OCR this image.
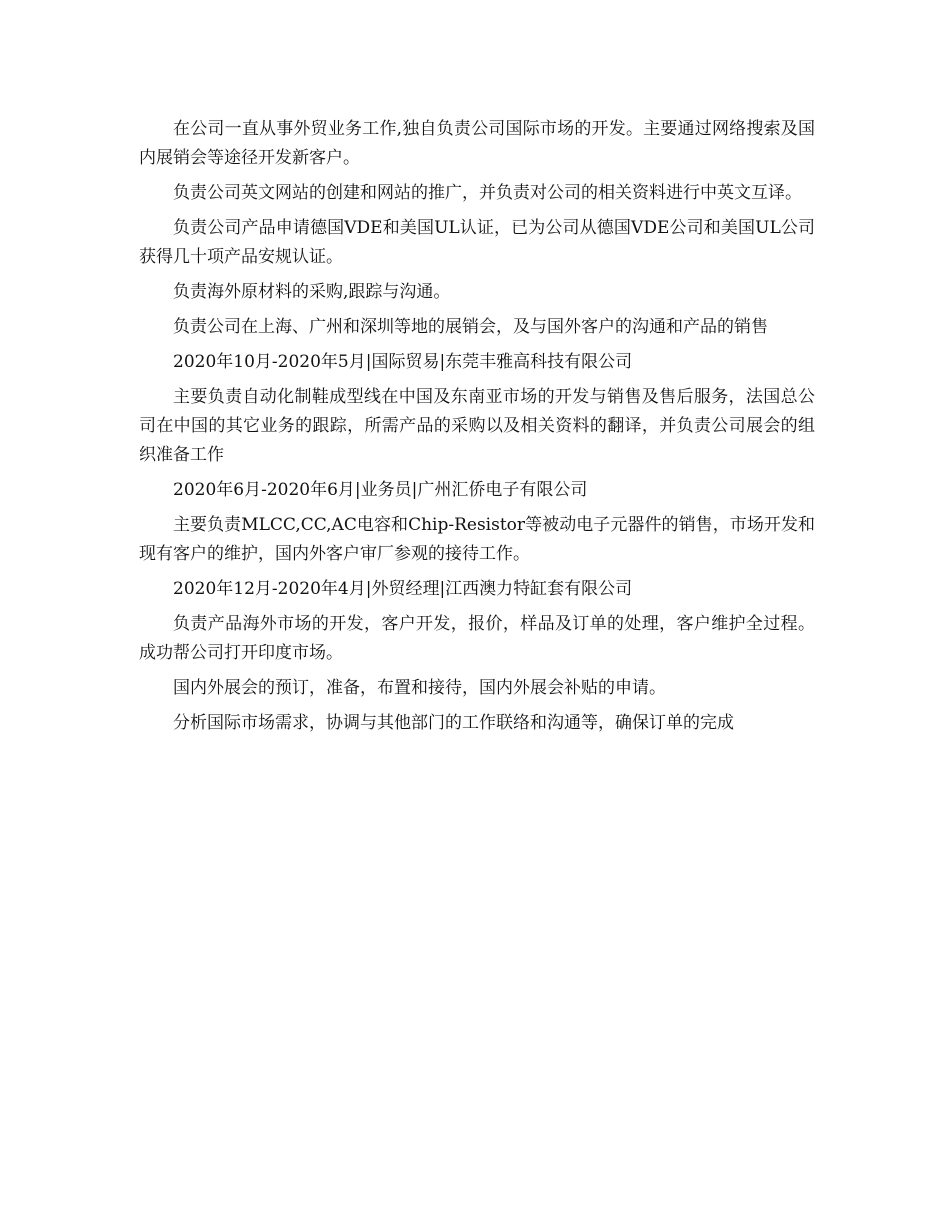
在公司一直从事外贸业务工作,独自负责公司国际市场的开发。主要通过网络搜索及国内展销会等途径开发新客户。

负责公司英文网站的创建和网站的推广，并负责对公司的相关资料进行中英文互译。

负责公司产品申请德国VDE和美国UL认证，已为公司从德国VDE公司和美国UL公司获得几十项产品安规认证。

负责海外原材料的采购,跟踪与沟通。

负责公司在上海、广州和深圳等地的展销会，及与国外客户的沟通和产品的销售

2020年10月-2020年5月|国际贸易|东莞丰雅高科技有限公司

主要负责自动化制鞋成型线在中国及东南亚市场的开发与销售及售后服务，法国总公司在中国的其它业务的跟踪，所需产品的采购以及相关资料的翻译，并负责公司展会的组织准备工作

2020年6月-2020年6月|业务员|广州汇侨电子有限公司

主要负责MLCC,CC,AC电容和Chip-Resistor等被动电子元器件的销售，市场开发和现有客户的维护，国内外客户审厂参观的接待工作。

2020年12月-2020年4月|外贸经理|江西澳力特缸套有限公司

负责产品海外市场的开发，客户开发，报价，样品及订单的处理，客户维护全过程。成功帮公司打开印度市场。

国内外展会的预订，准备，布置和接待，国内外展会补贴的申请。

分析国际市场需求，协调与其他部门的工作联络和沟通等，确保订单的完成
